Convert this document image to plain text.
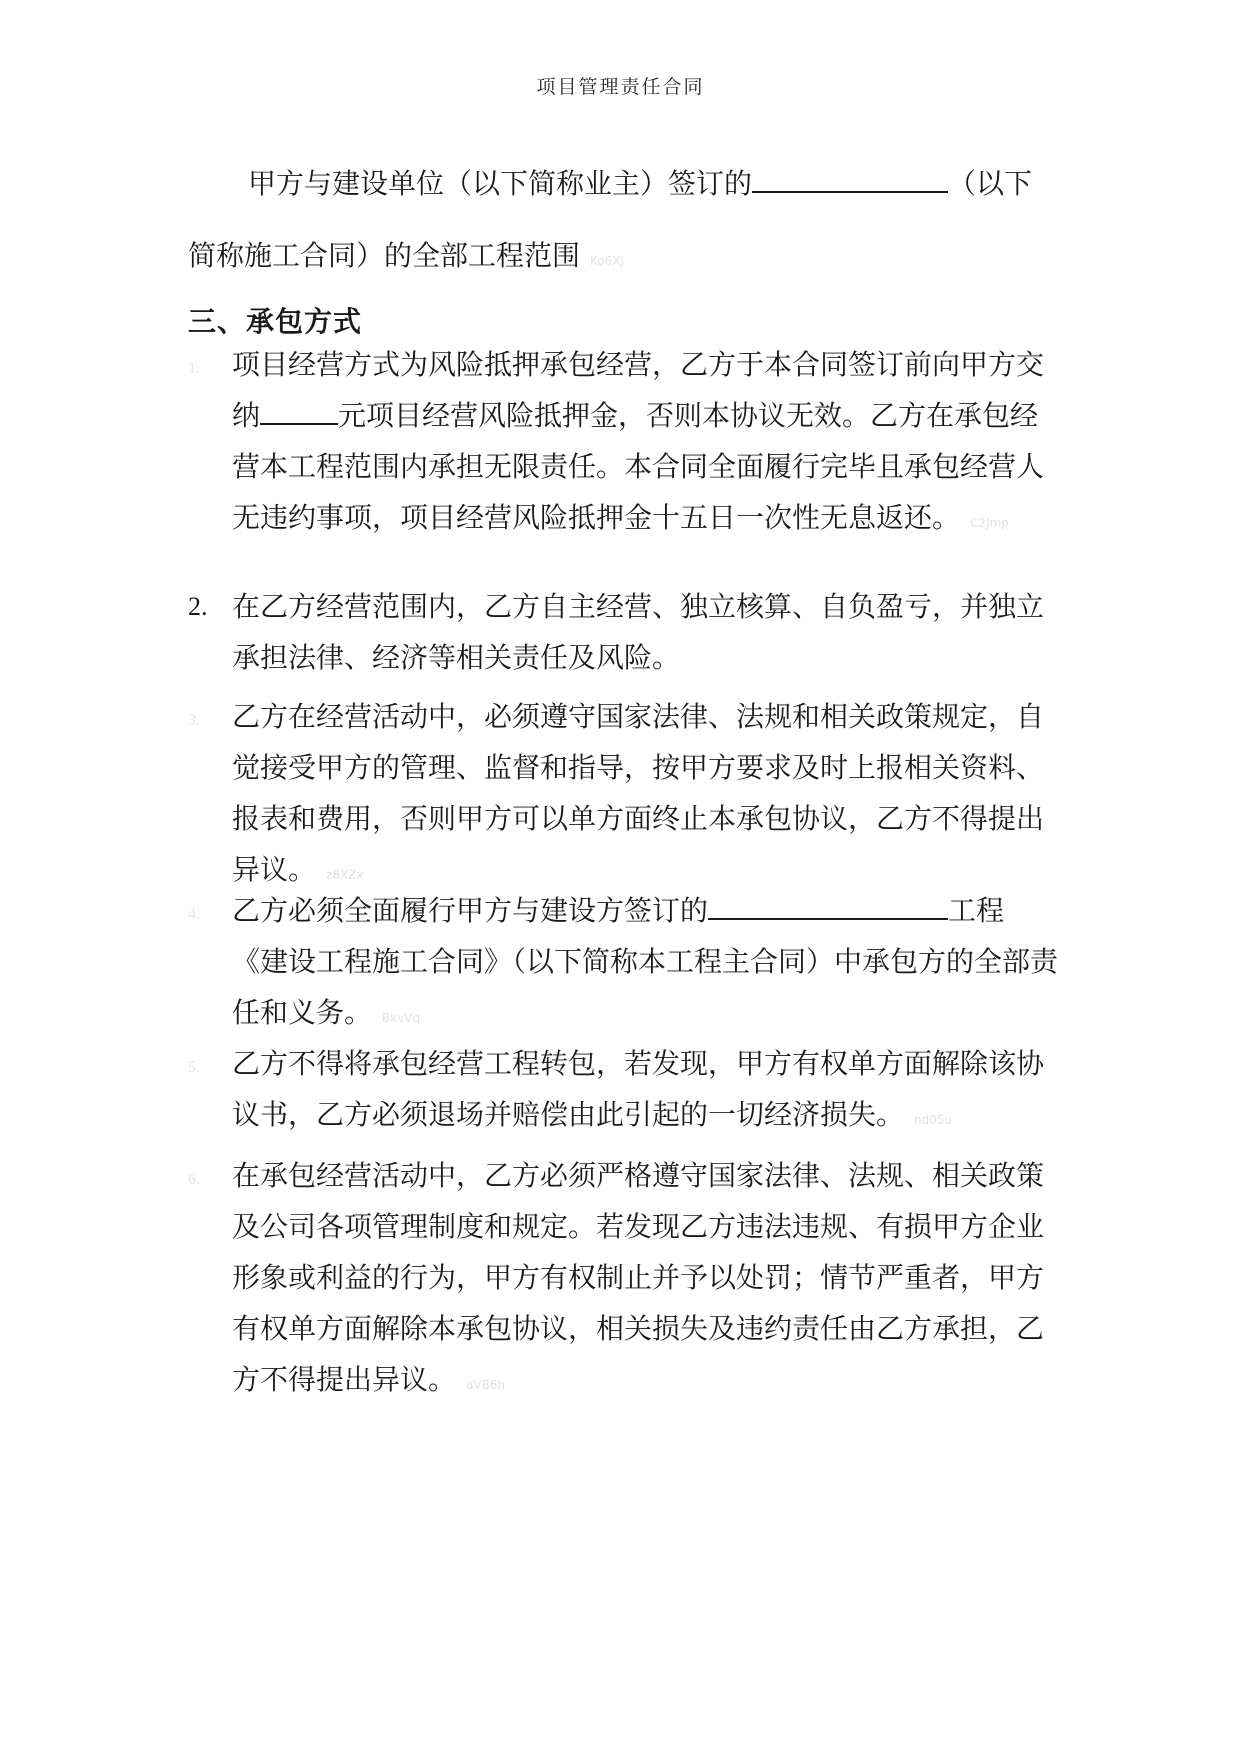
项目管理责任合同

甲方与建设单位（以下简称业主）签订的	（以下简称施工合同）的全部工程范围 Ko6Xj

三、承包方式

1. 项目经营方式为风险抵押承包经营，乙方于本合同签订前向甲方交纳	元项目经营风险抵押金，否则本协议无效。乙方在承包经营本工程范围内承担无限责任。本合同全面履行完毕且承包经营人无违约事项，项目经营风险抵押金十五日一次性无息返还。 C2Jmp

2. 在乙方经营范围内，乙方自主经营、独立核算、自负盈亏，并独立承担法律、经济等相关责任及风险。

3. 乙方在经营活动中，必须遵守国家法律、法规和相关政策规定，自觉接受甲方的管理、监督和指导，按甲方要求及时上报相关资料、报表和费用，否则甲方可以单方面终止本承包协议，乙方不得提出异议。 z8XZx

4. 乙方必须全面履行甲方与建设方签订的	工程《建设工程施工合同》（以下简称本工程主合同）中承包方的全部责任和义务。 BkvVq

5. 乙方不得将承包经营工程转包，若发现，甲方有权单方面解除该协议书，乙方必须退场并赔偿由此引起的一切经济损失。 nd05u

6. 在承包经营活动中，乙方必须严格遵守国家法律、法规、相关政策及公司各项管理制度和规定。若发现乙方违法违规、有损甲方企业形象或利益的行为，甲方有权制止并予以处罚；情节严重者，甲方有权单方面解除本承包协议，相关损失及违约责任由乙方承担，乙方不得提出异议。 aVB6h
